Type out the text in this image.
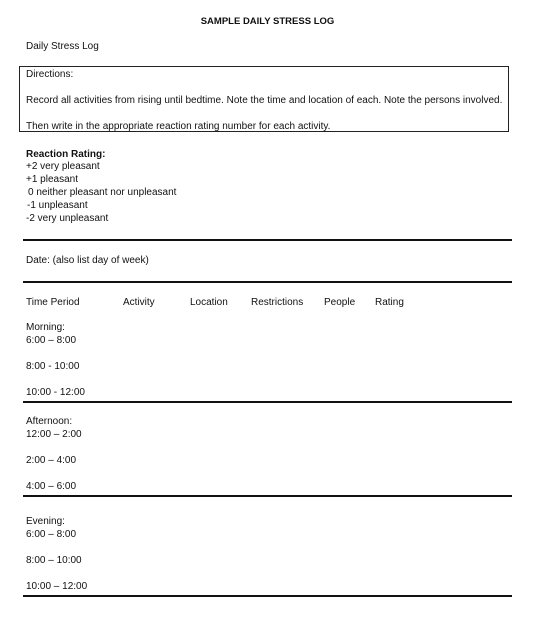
SAMPLE DAILY STRESS LOG
Daily Stress Log
Directions:
Record all activities from rising until bedtime. Note the time and location of each. Note the persons involved.
Then write in the appropriate reaction rating number for each activity.
Reaction Rating:
+2 very pleasant
+1 pleasant
0 neither pleasant nor unpleasant
-1 unpleasant
-2 very unpleasant
Date: (also list day of week)
Time Period	Activity	Location Restrictions People Rating
Morning:
6:00 – 8:00
8:00 - 10:00
10:00 - 12:00
Afternoon:
12:00 – 2:00
2:00 – 4:00
4:00 – 6:00
Evening:
6:00 – 8:00
8:00 – 10:00
10:00 – 12:00
